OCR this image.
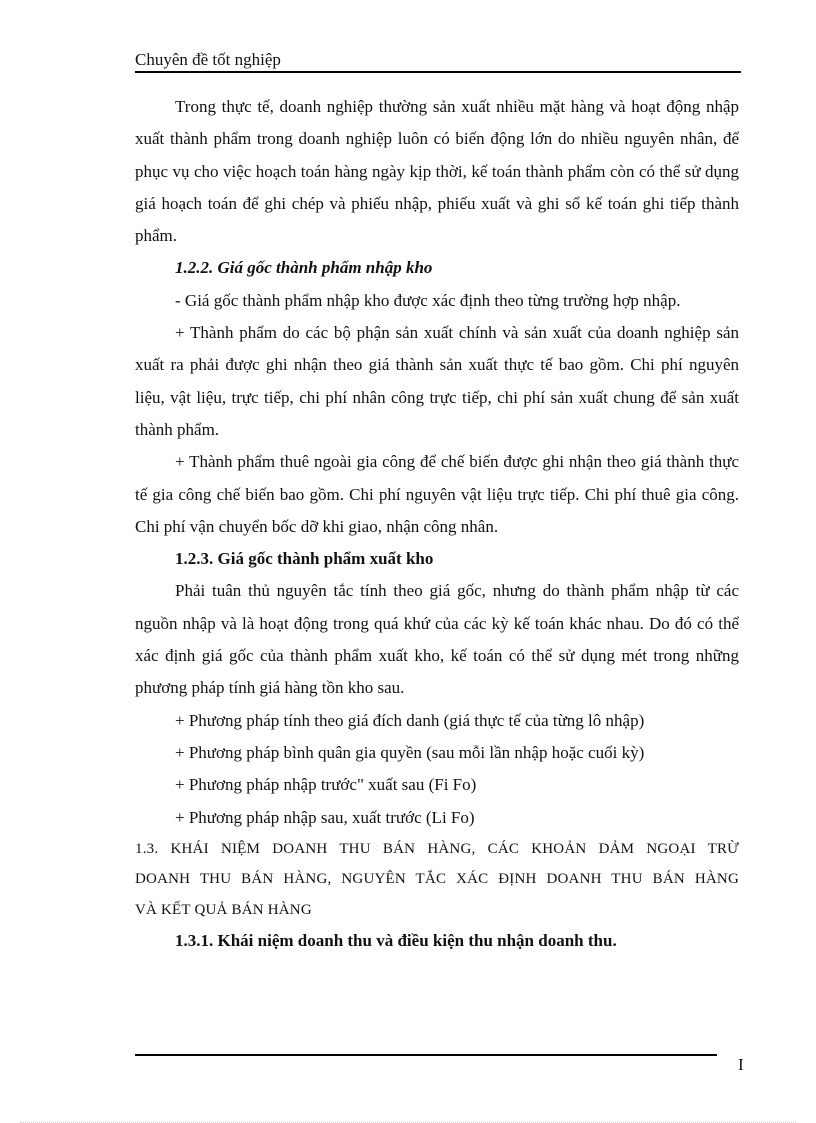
Chuyên đề tốt nghiệp

Trong thực tế, doanh nghiệp thường sản xuất nhiều mặt hàng và hoạt động nhập xuất thành phẩm trong doanh nghiệp luôn có biến động lớn do nhiều nguyên nhân, để phục vụ cho việc hoạch toán hàng ngày kịp thời, kế toán thành phẩm còn có thể sử dụng giá hoạch toán để ghi chép và phiếu nhập, phiếu xuất và ghi sổ kế toán ghi tiếp thành phẩm.

1.2.2. Giá gốc thành phẩm nhập kho

- Giá gốc thành phẩm nhập kho được xác định theo từng trường hợp nhập.

+ Thành phẩm do các bộ phận sản xuất chính và sản xuất của doanh nghiệp sản xuất ra phải được ghi nhận theo giá thành sản xuất thực tế bao gồm. Chi phí nguyên liệu, vật liệu, trực tiếp, chi phí nhân công trực tiếp, chi phí sản xuất chung để sản xuất thành phẩm.

+ Thành phẩm thuê ngoài gia công để chế biến được ghi nhận theo giá thành thực tế gia công chế biến bao gồm. Chi phí nguyên vật liệu trực tiếp. Chi phí thuê gia công. Chi phí vận chuyển bốc dỡ khi giao, nhận công nhân.

1.2.3. Giá gốc thành phẩm xuất kho

Phải tuân thủ nguyên tắc tính theo giá gốc, nhưng do thành phẩm nhập từ các nguồn nhập và là hoạt động trong quá khứ của các kỳ kế toán khác nhau. Do đó có thể xác định giá gốc của thành phẩm xuất kho, kế toán có thể sử dụng mét trong những phương pháp tính giá hàng tồn kho sau.

+ Phương pháp tính theo giá đích danh (giá thực tế của từng lô nhập)

+ Phương pháp bình quân gia quyền (sau mỗi lần nhập hoặc cuối kỳ)

+ Phương pháp nhập trước" xuất sau (Fi Fo)

+ Phương pháp nhập sau, xuất trước (Li Fo)

1.3. KHÁI NIỆM DOANH THU BÁN HÀNG, CÁC KHOẢN DẢM NGOẠI TRỪ
DOANH THU BÁN HÀNG, NGUYÊN TẮC XÁC ĐỊNH DOANH THU BÁN HÀNG
VÀ KẾT QUẢ BÁN HÀNG

1.3.1. Khái niệm doanh thu và điều kiện thu nhận doanh thu.

I
